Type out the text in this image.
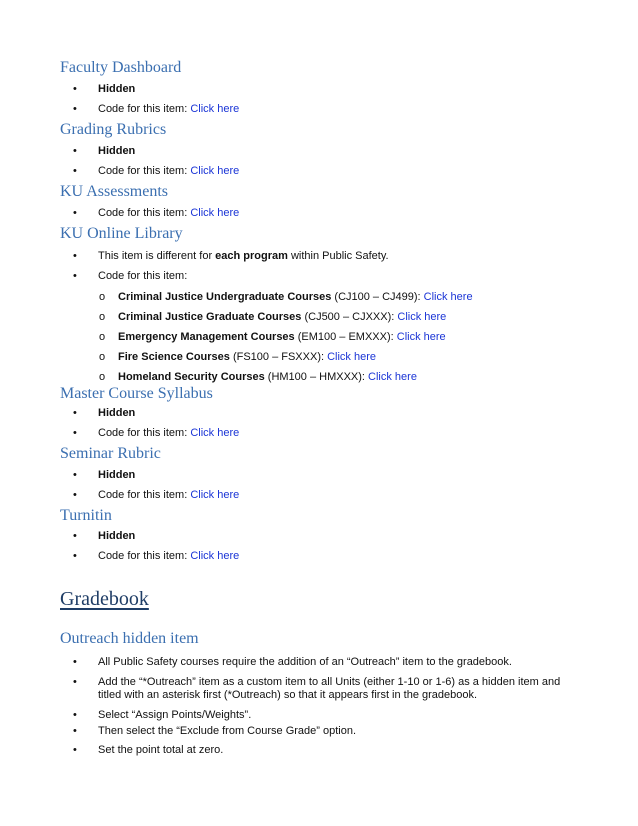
Faculty Dashboard
• Hidden
• Code for this item: Click here
Grading Rubrics
• Hidden
• Code for this item: Click here
KU Assessments
• Code for this item: Click here
KU Online Library
• This item is different for each program within Public Safety.
• Code for this item:
o Criminal Justice Undergraduate Courses (CJ100 – CJ499): Click here
o Criminal Justice Graduate Courses (CJ500 – CJXXX): Click here
o Emergency Management Courses (EM100 – EMXXX): Click here
o Fire Science Courses (FS100 – FSXXX): Click here
o Homeland Security Courses (HM100 – HMXXX): Click here
Master Course Syllabus
• Hidden
• Code for this item: Click here
Seminar Rubric
• Hidden
• Code for this item: Click here
Turnitin
• Hidden
• Code for this item: Click here
Gradebook
Outreach hidden item
• All Public Safety courses require the addition of an “Outreach” item to the gradebook.
• Add the “*Outreach” item as a custom item to all Units (either 1-10 or 1-6) as a hidden item and titled with an asterisk first (*Outreach) so that it appears first in the gradebook.
• Select “Assign Points/Weights”.
• Then select the “Exclude from Course Grade” option.
• Set the point total at zero.
